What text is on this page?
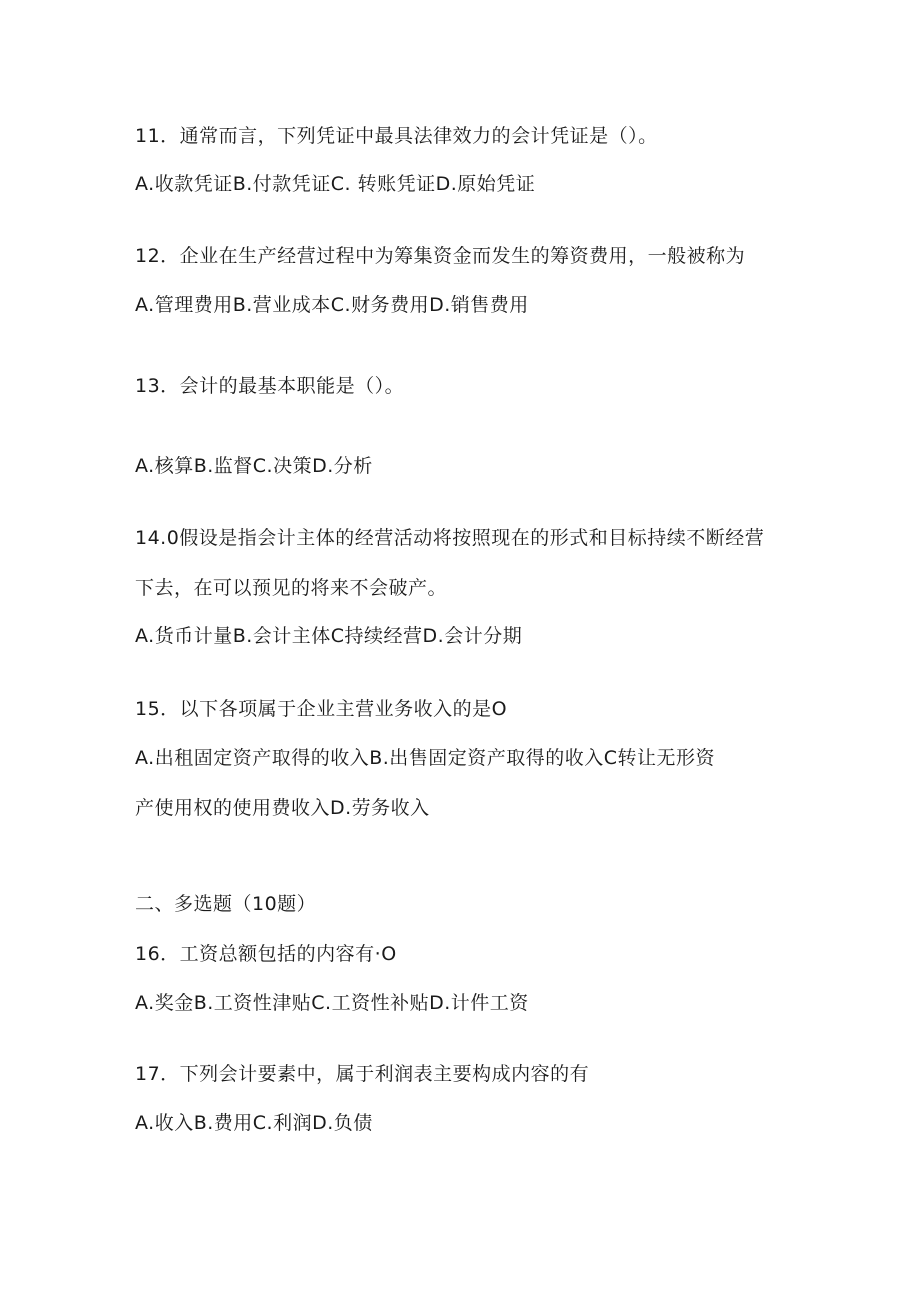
11．通常而言，下列凭证中最具法律效力的会计凭证是（）。
A.收款凭证B.付款凭证C. 转账凭证D.原始凭证
12．企业在生产经营过程中为筹集资金而发生的筹资费用，一般被称为
A.管理费用B.营业成本C.财务费用D.销售费用
13．会计的最基本职能是（）。
A.核算B.监督C.决策D.分析
14.0假设是指会计主体的经营活动将按照现在的形式和目标持续不断经营
下去，在可以预见的将来不会破产。
A.货币计量B.会计主体C持续经营D.会计分期
15．以下各项属于企业主营业务收入的是O
A.出租固定资产取得的收入B.出售固定资产取得的收入C转让无形资
产使用权的使用费收入D.劳务收入
二、多选题（10题）
16．工资总额包括的内容有·O
A.奖金B.工资性津贴C.工资性补贴D.计件工资
17．下列会计要素中，属于利润表主要构成内容的有
A.收入B.费用C.利润D.负债
